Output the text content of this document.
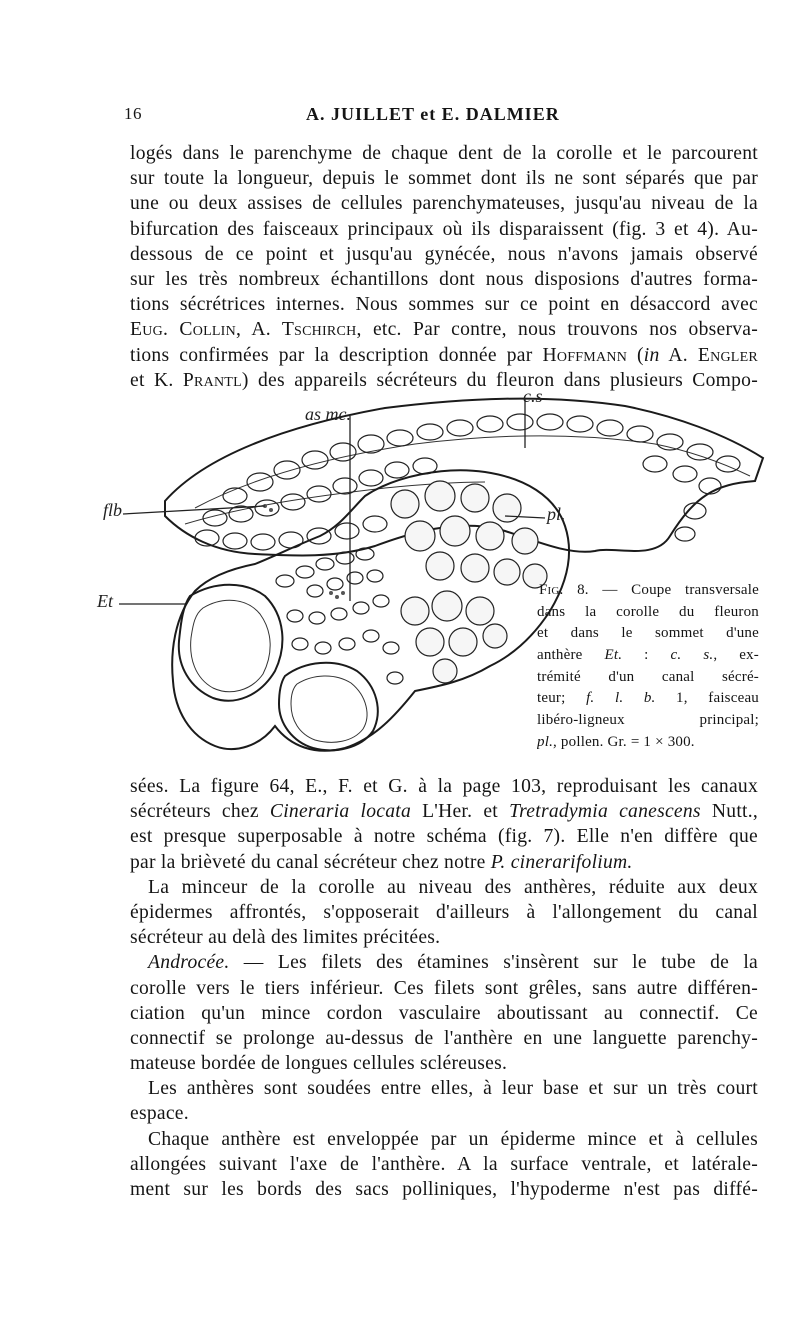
16	A. JUILLET et E. DALMIER
logés dans le parenchyme de chaque dent de la corolle et le parcourent
sur toute la longueur, depuis le sommet dont ils ne sont séparés que par
une ou deux assises de cellules parenchymateuses, jusqu'au niveau de la
bifurcation des faisceaux principaux où ils disparaissent (fig. 3 et 4). Au-
dessous de ce point et jusqu'au gynécée, nous n'avons jamais observé
sur les très nombreux échantillons dont nous disposions d'autres forma-
tions sécrétrices internes. Nous sommes sur ce point en désaccord avec
Eug. Collin, A. Tschirch, etc. Par contre, nous trouvons nos observa-
tions confirmées par la description donnée par Hoffmann (in A. Engler
et K. Prantl) des appareils sécréteurs du fleuron dans plusieurs Compo-
as mc.
c.s
flb	pl.
Et
Fig. 8. — Coupe transversale
dans la corolle du fleuron
et dans le sommet d'une
anthère Et. : c. s., ex-
trémité d'un canal sécré-
teur; f. l. b. 1, faisceau
libéro-ligneux principal;
pl., pollen. Gr. = 1 × 300.
sées. La figure 64, E., F. et G. à la page 103, reproduisant les canaux
sécréteurs chez Cineraria locata L'Her. et Tretradymia canescens Nutt.,
est presque superposable à notre schéma (fig. 7). Elle n'en diffère que
par la brièveté du canal sécréteur chez notre P. cinerarifolium.
La minceur de la corolle au niveau des anthères, réduite aux deux
épidermes affrontés, s'opposerait d'ailleurs à l'allongement du canal
sécréteur au delà des limites précitées.
Androcée. — Les filets des étamines s'insèrent sur le tube de la
corolle vers le tiers inférieur. Ces filets sont grêles, sans autre différen-
ciation qu'un mince cordon vasculaire aboutissant au connectif. Ce
connectif se prolonge au-dessus de l'anthère en une languette parenchy-
mateuse bordée de longues cellules scléreuses.
Les anthères sont soudées entre elles, à leur base et sur un très court
espace.
Chaque anthère est enveloppée par un épiderme mince et à cellules
allongées suivant l'axe de l'anthère. A la surface ventrale, et latérale-
ment sur les bords des sacs polliniques, l'hypoderme n'est pas diffé-
